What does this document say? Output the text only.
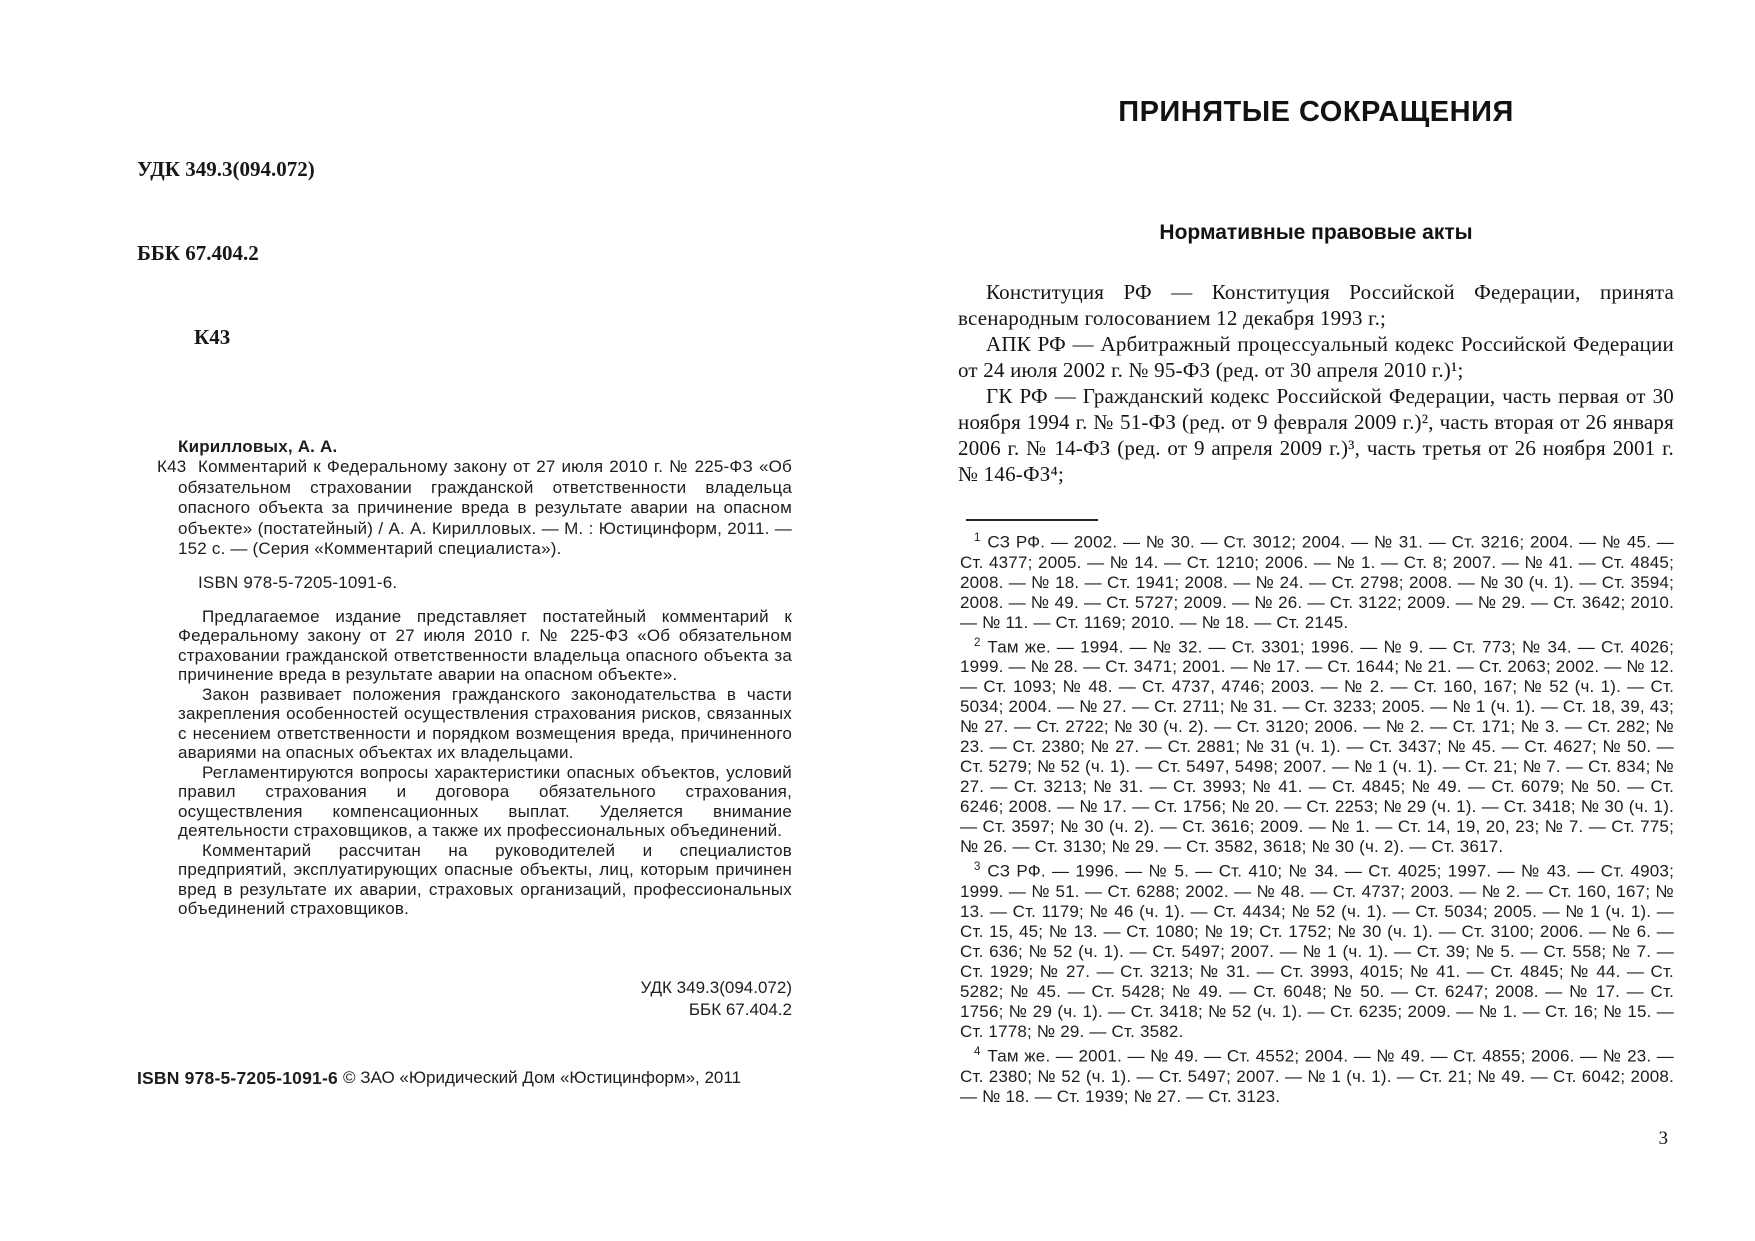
УДК 349.3(094.072)

ББК 67.404.2

К43

Кирилловых, А. А.

К43 Комментарий к Федеральному закону от 27 июля 2010 г. № 225-ФЗ «Об обязательном страховании гражданской ответственности владельца опасного объекта за причинение вреда в результате аварии на опасном объекте» (постатейный) / А. А. Кирилловых. — М. : Юстицинформ, 2011. — 152 с. — (Серия «Комментарий специалиста»).

ISBN 978-5-7205-1091-6.

Предлагаемое издание представляет постатейный комментарий к Федеральному закону от 27 июля 2010 г. № 225-ФЗ «Об обязательном страховании гражданской ответственности владельца опасного объекта за причинение вреда в результате аварии на опасном объекте».

Закон развивает положения гражданского законодательства в части закрепления особенностей осуществления страхования рисков, связанных с несением ответственности и порядком возмещения вреда, причиненного авариями на опасных объектах их владельцами.

Регламентируются вопросы характеристики опасных объектов, условий правил страхования и договора обязательного страхования, осуществления компенсационных выплат. Уделяется внимание деятельности страховщиков, а также их профессиональных объединений.

Комментарий рассчитан на руководителей и специалистов предприятий, эксплуатирующих опасные объекты, лиц, которым причинен вред в результате их аварии, страховых организаций, профессиональных объединений страховщиков.

УДК 349.3(094.072)
ББК 67.404.2
ISBN 978-5-7205-1091-6 © ЗАО «Юридический Дом «Юстицинформ», 2011
ПРИНЯТЫЕ СОКРАЩЕНИЯ
Нормативные правовые акты

Конституция РФ — Конституция Российской Федерации, принята всенародным голосованием 12 декабря 1993 г.;

АПК РФ — Арбитражный процессуальный кодекс Российской Федерации от 24 июля 2002 г. № 95-ФЗ (ред. от 30 апреля 2010 г.)¹;

ГК РФ — Гражданский кодекс Российской Федерации, часть первая от 30 ноября 1994 г. № 51-ФЗ (ред. от 9 февраля 2009 г.)², часть вторая от 26 января 2006 г. № 14-ФЗ (ред. от 9 апреля 2009 г.)³, часть третья от 26 ноября 2001 г. № 146-ФЗ⁴;

$^1$ СЗ РФ. — 2002. — № 30. — Ст. 3012; 2004. — № 31. — Ст. 3216; 2004. — № 45. — Ст. 4377; 2005. — № 14. — Ст. 1210; 2006. — № 1. — Ст. 8; 2007. — № 41. — Ст. 4845; 2008. — № 18. — Ст. 1941; 2008. — № 24. — Ст. 2798; 2008. — № 30 (ч. 1). — Ст. 3594; 2008. — № 49. — Ст. 5727; 2009. — № 26. — Ст. 3122; 2009. — № 29. — Ст. 3642; 2010. — № 11. — Ст. 1169; 2010. — № 18. — Ст. 2145.

$^2$ Там же. — 1994. — № 32. — Ст. 3301; 1996. — № 9. — Ст. 773; № 34. — Ст. 4026; 1999. — № 28. — Ст. 3471; 2001. — № 17. — Ст. 1644; № 21. — Ст. 2063; 2002. — № 12. — Ст. 1093; № 48. — Ст. 4737, 4746; 2003. — № 2. — Ст. 160, 167; № 52 (ч. 1). — Ст. 5034; 2004. — № 27. — Ст. 2711; № 31. — Ст. 3233; 2005. — № 1 (ч. 1). — Ст. 18, 39, 43; № 27. — Ст. 2722; № 30 (ч. 2). — Ст. 3120; 2006. — № 2. — Ст. 171; № 3. — Ст. 282; № 23. — Ст. 2380; № 27. — Ст. 2881; № 31 (ч. 1). — Ст. 3437; № 45. — Ст. 4627; № 50. — Ст. 5279; № 52 (ч. 1). — Ст. 5497, 5498; 2007. — № 1 (ч. 1). — Ст. 21; № 7. — Ст. 834; № 27. — Ст. 3213; № 31. — Ст. 3993; № 41. — Ст. 4845; № 49. — Ст. 6079; № 50. — Ст. 6246; 2008. — № 17. — Ст. 1756; № 20. — Ст. 2253; № 29 (ч. 1). — Ст. 3418; № 30 (ч. 1). — Ст. 3597; № 30 (ч. 2). — Ст. 3616; 2009. — № 1. — Ст. 14, 19, 20, 23; № 7. — Ст. 775; № 26. — Ст. 3130; № 29. — Ст. 3582, 3618; № 30 (ч. 2). — Ст. 3617.

$^3$ СЗ РФ. — 1996. — № 5. — Ст. 410; № 34. — Ст. 4025; 1997. — № 43. — Ст. 4903; 1999. — № 51. — Ст. 6288; 2002. — № 48. — Ст. 4737; 2003. — № 2. — Ст. 160, 167; № 13. — Ст. 1179; № 46 (ч. 1). — Ст. 4434; № 52 (ч. 1). — Ст. 5034; 2005. — № 1 (ч. 1). — Ст. 15, 45; № 13. — Ст. 1080; № 19; Ст. 1752; № 30 (ч. 1). — Ст. 3100; 2006. — № 6. — Ст. 636; № 52 (ч. 1). — Ст. 5497; 2007. — № 1 (ч. 1). — Ст. 39; № 5. — Ст. 558; № 7. — Ст. 1929; № 27. — Ст. 3213; № 31. — Ст. 3993, 4015; № 41. — Ст. 4845; № 44. — Ст. 5282; № 45. — Ст. 5428; № 49. — Ст. 6048; № 50. — Ст. 6247; 2008. — № 17. — Ст. 1756; № 29 (ч. 1). — Ст. 3418; № 52 (ч. 1). — Ст. 6235; 2009. — № 1. — Ст. 16; № 15. — Ст. 1778; № 29. — Ст. 3582.

$^4$ Там же. — 2001. — № 49. — Ст. 4552; 2004. — № 49. — Ст. 4855; 2006. — № 23. — Ст. 2380; № 52 (ч. 1). — Ст. 5497; 2007. — № 1 (ч. 1). — Ст. 21; № 49. — Ст. 6042; 2008. — № 18. — Ст. 1939; № 27. — Ст. 3123.

3
